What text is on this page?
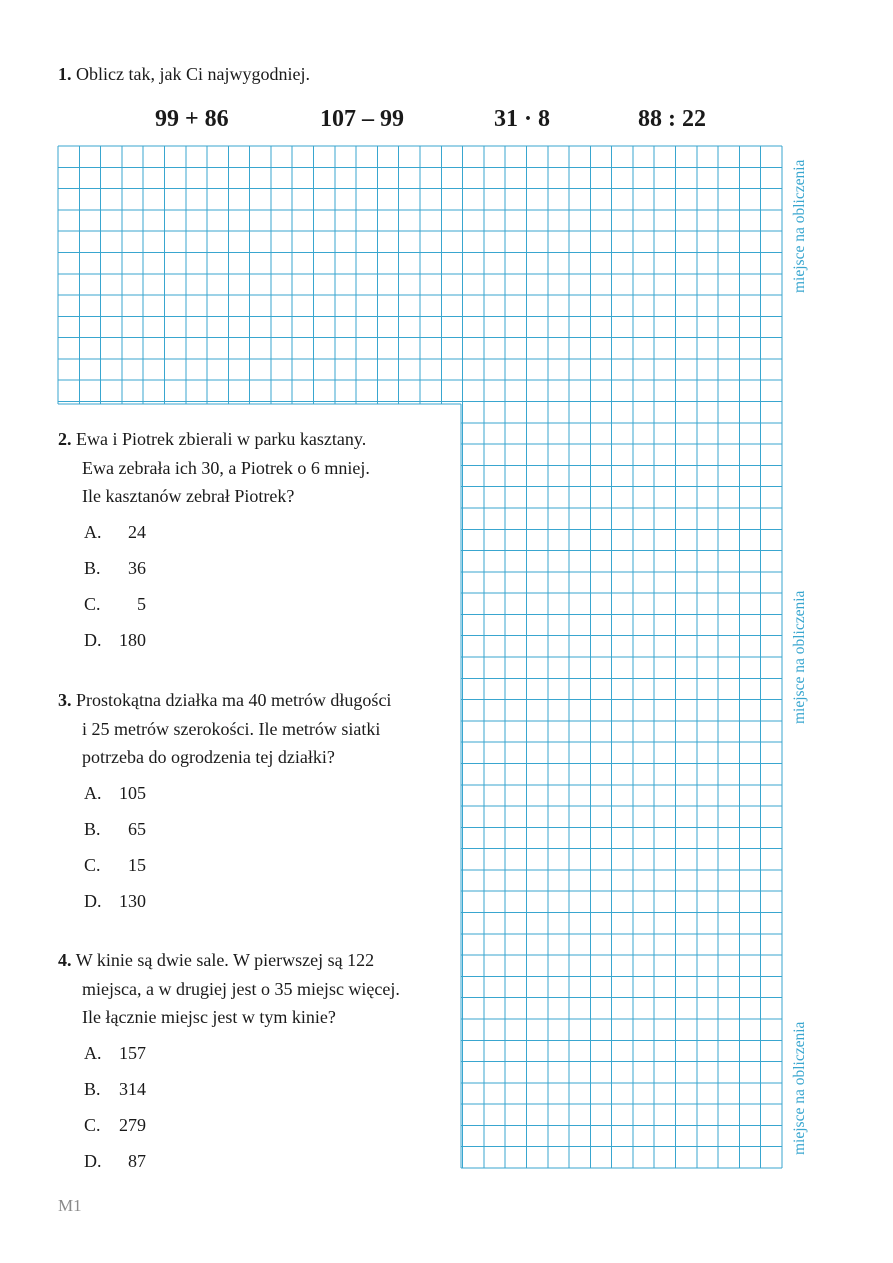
miejsce na obliczenia
miejsce na obliczenia
miejsce na obliczenia
1. Oblicz tak, jak Ci najwygodniej.
99 + 86	107 – 99	31 · 8	88 : 22
2. Ewa i Piotrek zbierali w parku kasztany.
Ewa zebrała ich 30, a Piotrek o 6 mniej.
Ile kasztanów zebrał Piotrek?
A. 24
B. 36
C. 5
D. 180
3. Prostokątna działka ma 40 metrów długości
i 25 metrów szerokości. Ile metrów siatki
potrzeba do ogrodzenia tej działki?
A. 105
B. 65
C. 15
D. 130
4. W kinie są dwie sale. W pierwszej są 122
miejsca, a w drugiej jest o 35 miejsc więcej.
Ile łącznie miejsc jest w tym kinie?
A. 157
B. 314
C. 279
D. 87
M1
